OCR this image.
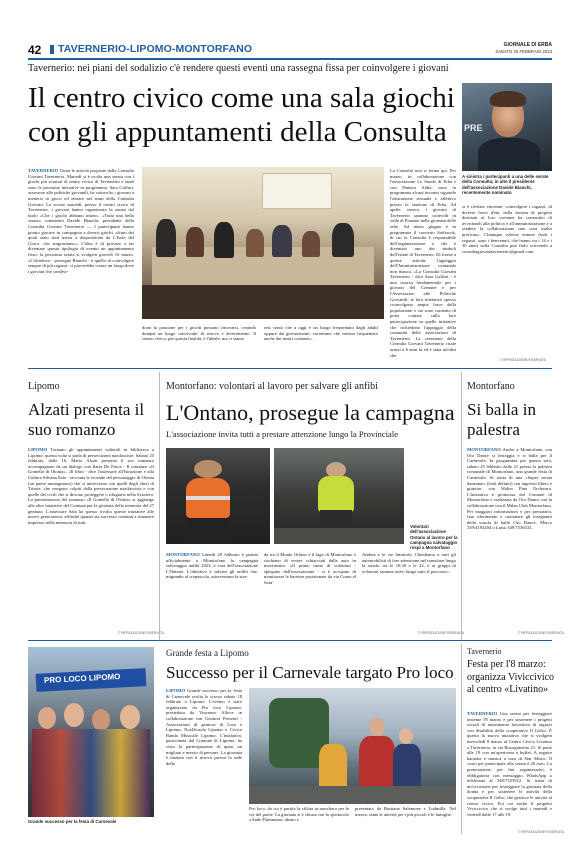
42 TAVERNERIO-LIPOMO-MONTORFANO	GIORNALE DI ERBA
SABATO 25 FEBBRAIO 2023
Tavernerio: nei piani del sodalizio c'è rendere questi eventi una rassegna fissa per coinvolgere i giovani
Il centro civico come una sala giochi
con gli appuntamenti della Consulta	PRE
A sinistra i partecipanti a una delle serate della Consulta; in alto il presidente dell'associazione Davide Bianchi, recentemente nominato
TAVERNERIO Torna le attività proposte dalla Consulta Giovani Tavernerio. Martedì si è svolta una serata con i giochi più svariati al centro civico di Tavernerio e tante sono le prossime iniziative in programma. Sara Gaffuri, assessore alle politiche giovanili, ha coinvolto i giovani a mettersi in gioco ed entrare nel team della Consulta Giovani. Lo scorso martedì, presso il centro civico di Tavernerio, i giovani hanno organizzato la serata dal titolo «Che i giochi abbiano inizio». «Tutta una bella serata» commenta Davide Bianchi, presidente della Consulta Giovani Tavernerio — I partecipanti hanno potuto giocare in compagnia a diversi giochi, alcuni dei quali sono stati messi a disposizione da L'Isola del Gioco. che ringraziamo.» L'idea è di provare a far diventare questa tipologia di evento un appuntamento fisso: la prossima serata si svolgerà giovedì 16 marzo. «L'obiettivo - prosegue Bianchi - è quello di coinvolgere sempre di più ragazzi: ci piacerebbe creare un luogo dove i giovani che condivi-
dono la passione per i giochi possano ritrovarsi, creando dunque un luogo conviviale, di ritrovo e divertimento. Il centro civico, per questa finalità, è l'ideale, ma ci siamo
resi conto che a oggi è un luogo frequentato dagli adulti oppure dai giovanissimi: vorremmo che venisse frequentato anche dai nostri coetanei».
La Consulta non si ferma qui. Per marzo, in collaborazione con l'associazione Lo Snodo di Erba e con Pantera Aldia, sono in programma alcuni incontri riguardo l'educazione sessuale e affettivo presso la stazione di Erba. Ad aprile, invece, i giovani di Tavernerio saranno coinvolti in valle di Ponzate nella giornata delle erbe. Ad inizio giugno è in programma il concerto Saiferock, di cui la Consulta è responsabile dell'organizzazione e che è diventato uno dei simboli dell'estate di Tavernerio. Di fronte a queste attività, l'appoggio dell'Amministrazione comunale non manca. «La Consulta Giovani Tavernerio - dice Sara Gaffuri - è una risorsa fondamentale per i giovani del Comune e per l'Assessorato alle Politiche Giovanili: le loro iniziative spesso coinvolgono ampie fasce della popolazione e sia sono contento di poter contare sulla loro partecipazione in quelle iniziative che richiedono l'appoggio della comunità delle associazioni di Tavernerio. La creazione della Consulta Giovani Tavernerio risale ormai a 6 anni fa ed è stata un'idea che
si è rivelata vincente: coinvolgere i ragazzi, di diverse fasce d'età, nella stesura di progetti destinati ai loro coetanei ha consentito di avvicinarli alla politica e all'amministrazione e a rendere la collaborazione una cosa molto proficua». Chiunque volesse entrare (tutti i ragazzi, sono i benvenuti, che hanno tra i 14 e i 30 anni) nella Consulta può farlo scrivendo a consultagiovanitavernerio@gmail.com.
© RIPRODUZIONE RISERVATA
Lipomo
Alzati presenta il suo romanzo
LIPOMO Tornano gli appuntamenti culturali in biblioteca a Lipomo: questa volta si parla di persecuzioni nazifasciste. Sabato 25 febbraio, dalle 16, Mario Alzati presenta il suo romanzo accompagnato da un dialogo con Ilaria De Pasca - Il romanzo «Il Gomello di Olonia». «Il libro - dice l'assessore all'Istruzione e alla Cultura Silvana Sala - racconta le vicende del personaggio di Olonia (un paese immaginario) che si intrecciano con quelli degli ebrei di Trieste, che vengono colpiti dalla persecuzione nazifascista e con quelle dei civili che si devono proteggere o rifugiarsi nella Svizzera. La presentazione del romanzo «Il Gomello di Olonia» si aggiunge alle altre iniziative del Comune per la giornata della memoria del 27 gennaio. L'assessore Sala ha spesso rivolto queste iniziative alle nuove generazioni, affinché quanto sia successo continui a rimanere impresso nella memoria di tutti.
© RIPRODUZIONE RISERVATA
Montorfano: volontari al lavoro per salvare gli anfibi
L'Ontano, prosegue la campagna
L'associazione invita tutti a prestare attenzione lungo la Provinciale
Volontari dell'associazione Ontano al lavoro per la campagna salvataggio rospi a Montorfano
MONTORFANO Lunedì 20 febbraio è partita ufficialmente a Montorfano la campagna salvataggio anfibi 2023, a cura dell'associazione L'Ontano. L'obiettivo è salvare gli anfibi che, migrando al crepuscolo, attraversano la stra-
da tra il Monte Orfano e il lago di Montorfano e rischiano di essere schiacciati dalle auto in movimento. «Il primo turno di volontari - spiegano dall'associazione - si è occupato di monitorare le barriere posizionate da via Como al Sant'
Andrea e le vie limitrofe. Chiediamo a tutti gli automobilisti di fare attenzione nel transitare lungo la strada, tra le 18.30 e le 22, e ai gruppi di volontari saranno attivi lungo tutto il percorso».
© RIPRODUZIONE RISERVATA
Montorfano
Si balla in palestra
MONTORFANO Anche a Montorfano, con Oro Dance si festeggia e si balla per il Carnevale. In programma per questa sera, sabato 25 febbraio dalle 21 presso la palestra comunale di Montorfano, una grande festa di Carnevale. Si tratta di una «Super serata danzante» (look definiti) con ingresso libero e gratuito: con Walter Pina Orchestra. L'iniziativa è promossa dal Comune di Montorfano e realizzata da Oro Dance con la collaborazione con il Milan Club Montorfano. Per maggiori informazioni e per prenotarsi, fare riferimento e contattare gli insegnanti della scuola di ballo Oro Dance: Marco 339/4193204 o Luisa 349/7536533.
© RIPRODUZIONE RISERVATA
PRO LOCO LIPOMO
Grande successo per la festa di Carnevale
Grande festa a Lipomo
Successo per il Carnevale targato Pro loco
LIPOMO Grande successo per la festa di Carnevale svolta lo scorso sabato 18 febbraio a Lipomo. L'evento è stato organizzato da Pro loco Lipomo, presieduta da Vincenzo Alloca in collaborazione con Genitori Presenti - Associazioni di genitori di Lora e Lipomo, Noi4Scuola Lipomo e Civico Banda Musicale Lipomo. L'iniziativa, patrocinata dal Comune di Lipomo, ha visto la partecipazione di quasi un migliaio e mezzo di persone. La giornata è iniziata con il ritrovo presso la sede della
Pro loco, da cui è partita la sfilata in maschera per le vie del paese. La giornata si è chiusa con lo spettacolo «Ande Flammam» ideato e
presentato da Bastiano Salemone e Ludmilla. Nel mezzo, tante le attività per i più piccoli e le famiglie.
Tavernerio
Festa per l'8 marzo: organizza Viviccivico al centro «Livatino»
TAVERNERIO Una serata per festeggiare insieme l'8 marzo e per sostenere i progetti sociali di inserimento lavorativo di ragazzi con disabilità della cooperativa Il Gelso. È questa la nuova iniziativa che si svolgerà mercoledì 8 marzo al Centro Civico Livatino a Tavernerio, in via Risorgimento 21. Si parte alle 19 con un'apericena a buffet. A seguire karaoke e musica a cura di Star Music. Il costo per partecipare alla serata è 20 euro. La prenotazione, per fini organizzativi, è obbligatoria con messaggio WhatsApp o telefonata al 348/7353912. Si tratta di un'occasione per festeggiare la giornata della donna e per sostenere le attività della cooperativa Il Gelso, che gestisce le attività al centro civico. Poi cui anche il progetto Viviccivico che si svolge tutti i martedì e venerdì dalle 17 alle 19.
© RIPRODUZIONE RISERVATA
